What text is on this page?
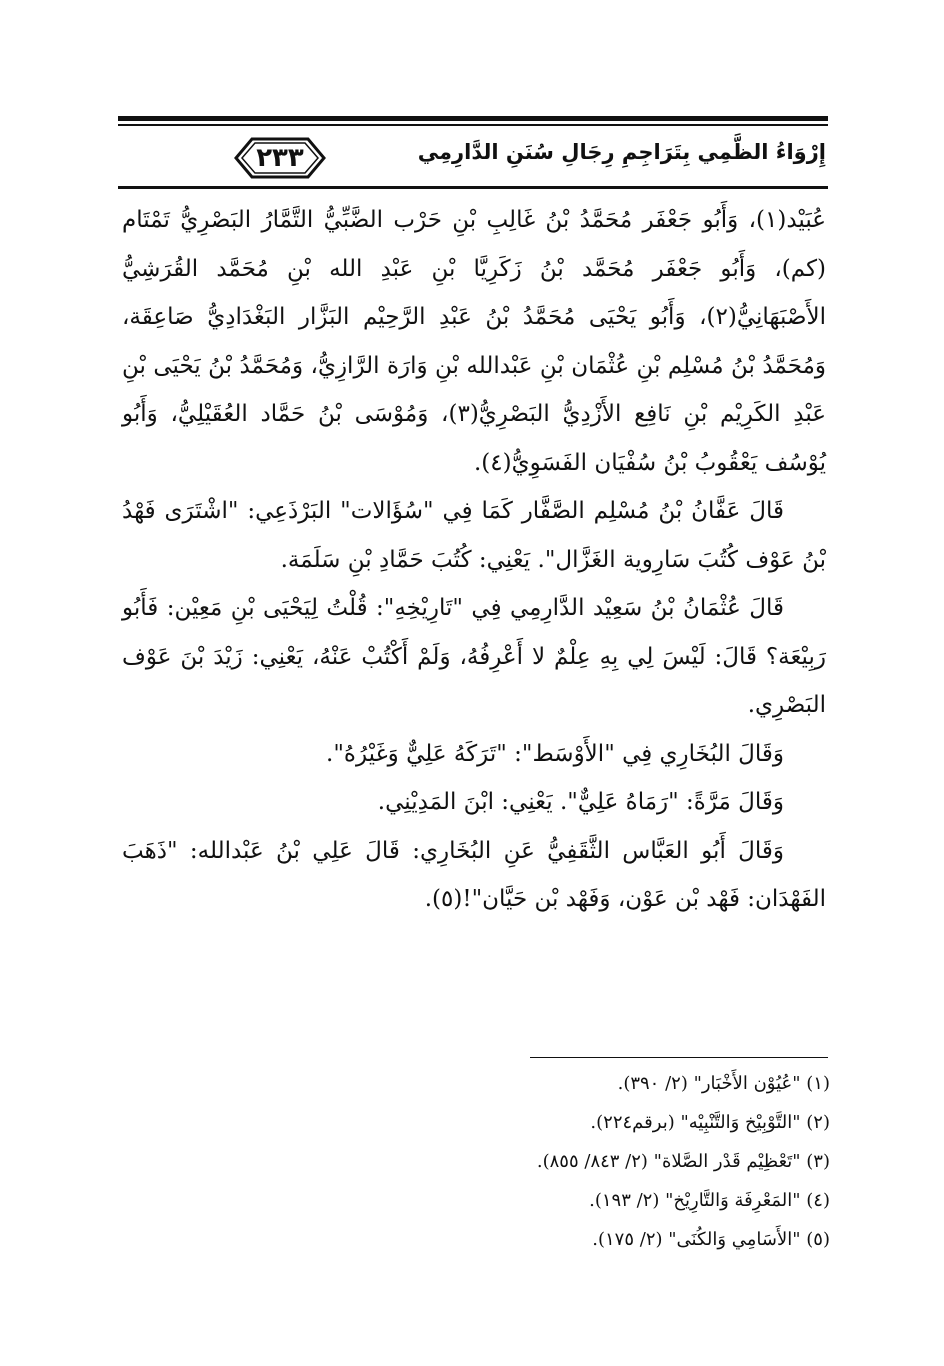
٢٣٣	إِرْوَاءُ الظَّمِي بِتَرَاجِمِ رِجَالِ سُنَنِ الدَّارِمِي

عُبَيْد(١)، وَأَبُو جَعْفَر مُحَمَّدُ بْنُ غَالِبِ بْنِ حَرْب الضَّبِّيُّ التَّمَّارُ البَصْرِيُّ تَمْتَام (كم)، وَأَبُو جَعْفَر مُحَمَّد بْنُ زَكَرِيَّا بْنِ عَبْدِ الله بْنِ مُحَمَّد القُرَشِيُّ الأَصْبَهَانِيُّ(٢)، وَأَبُو يَحْيَى مُحَمَّدُ بْنُ عَبْدِ الرَّحِيْم البَزَّار البَغْدَادِيُّ صَاعِقَة، وَمُحَمَّدُ بْنُ مُسْلِم بْنِ عُثْمَان بْنِ عَبْدالله بْنِ وَارَة الرَّازِيُّ، وَمُحَمَّدُ بْنُ يَحْيَى بْنِ عَبْدِ الكَرِيْم بْنِ نَافِع الأَزْدِيُّ البَصْرِيُّ(٣)، وَمُوْسَى بْنُ حَمَّاد العُقَيْلِيُّ، وَأَبُو يُوْسُف يَعْقُوبُ بْنُ سُفْيَان الفَسَوِيُّ(٤).

قَالَ عَفَّانُ بْنُ مُسْلِم الصَّفَّار كَمَا فِي "سُؤَالات" البَرْذَعِي: "اشْتَرَى فَهْدُ بْنُ عَوْف كُتُبَ سَارِوية الغَزَّال". يَعْنِي: كُتُبَ حَمَّادِ بْنِ سَلَمَة.

قَالَ عُثْمَانُ بْنُ سَعِيْد الدَّارِمِي فِي "تَارِيْخِهِ": قُلْتُ لِيَحْيَى بْنِ مَعِيْن: فَأَبُو رَبِيْعَة؟ قَالَ: لَيْسَ لِي بِهِ عِلْمٌ لا أَعْرِفُهُ، وَلَمْ أَكْتُبْ عَنْهُ، يَعْنِي: زَيْدَ بْنَ عَوْف البَصْرِي.

وَقَالَ البُخَارِي فِي "الأَوْسَط": "تَرَكَهُ عَلِيٌّ وَغَيْرُهُ".

وَقَالَ مَرَّةً: "رَمَاهُ عَلِيٌّ". يَعْنِي: ابْنَ المَدِيْنِي.

وَقَالَ أَبُو العَبَّاس الثَّقَفِيُّ عَنِ البُخَارِي: قَالَ عَلِي بْنُ عَبْدالله: "ذَهَبَ الفَهْدَان: فَهْد بْن عَوْن، وَفَهْد بْن حَيَّان"!(٥).

(١) "عُيُوْن الأَخْبَار" (٢/ ٣٩٠).
(٢) "التَّوْبِيْخ وَالتَّنْبِيْه" (برقم٢٢٤).
(٣) "تَعْظِيْم قَدْر الصَّلاة" (٢/ ٨٤٣/ ٨٥٥).
(٤) "المَعْرِفَة وَالتَّارِيْخ" (٢/ ١٩٣).
(٥) "الأَسَامِي وَالكُنَى" (٢/ ١٧٥).
